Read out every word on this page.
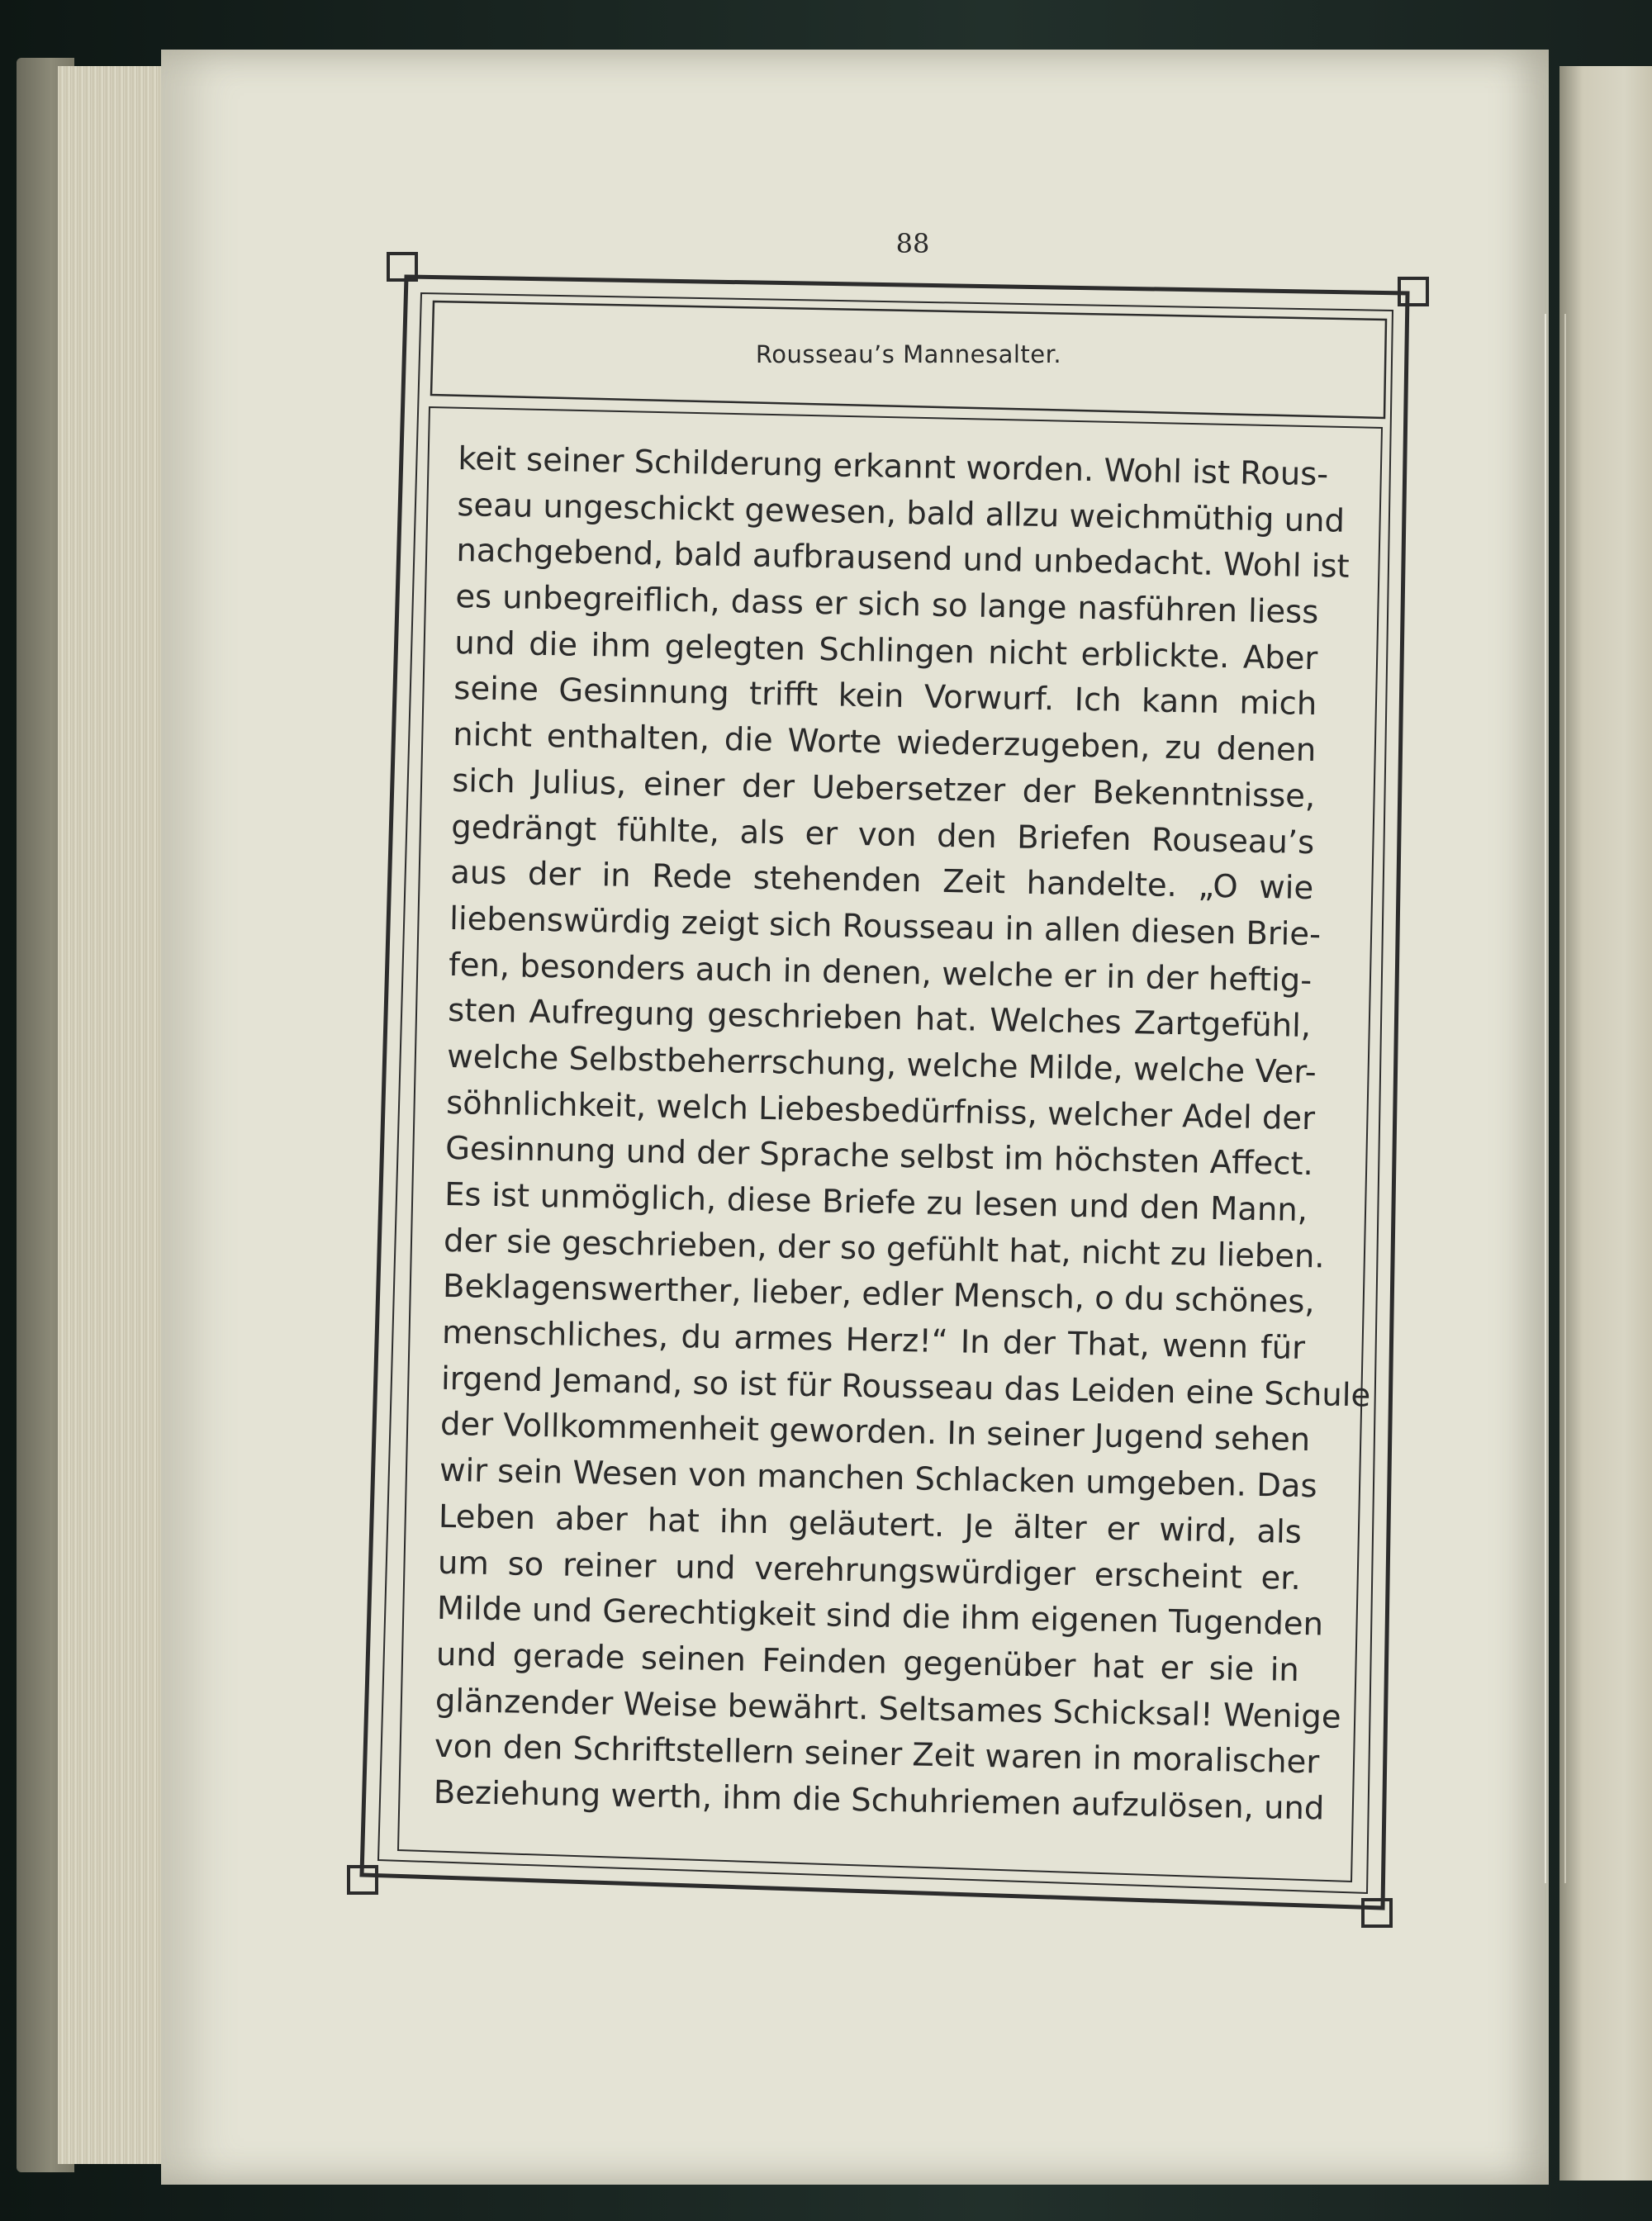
88
Rousseau’s Mannesalter.
keit seiner Schilderung erkannt worden. Wohl ist Rous-
seau ungeschickt gewesen, bald allzu weichmüthig und
nachgebend, bald aufbrausend und unbedacht. Wohl ist
es unbegreiflich, dass er sich so lange nasführen liess
und die ihm gelegten Schlingen nicht erblickte. Aber
seine Gesinnung trifft kein Vorwurf. Ich kann mich
nicht enthalten, die Worte wiederzugeben, zu denen
sich Julius, einer der Uebersetzer der Bekenntnisse,
gedrängt fühlte, als er von den Briefen Rouseau’s
aus der in Rede stehenden Zeit handelte. „O wie
liebenswürdig zeigt sich Rousseau in allen diesen Brie-
fen, besonders auch in denen, welche er in der heftig-
sten Aufregung geschrieben hat. Welches Zartgefühl,
welche Selbstbeherrschung, welche Milde, welche Ver-
söhnlichkeit, welch Liebesbedürfniss, welcher Adel der
Gesinnung und der Sprache selbst im höchsten Affect.
Es ist unmöglich, diese Briefe zu lesen und den Mann,
der sie geschrieben, der so gefühlt hat, nicht zu lieben.
Beklagenswerther, lieber, edler Mensch, o du schönes,
menschliches, du armes Herz!“ In der That, wenn für
irgend Jemand, so ist für Rousseau das Leiden eine Schule
der Vollkommenheit geworden. In seiner Jugend sehen
wir sein Wesen von manchen Schlacken umgeben. Das
Leben aber hat ihn geläutert. Je älter er wird, als
um so reiner und verehrungswürdiger erscheint er.
Milde und Gerechtigkeit sind die ihm eigenen Tugenden
und gerade seinen Feinden gegenüber hat er sie in
glänzender Weise bewährt. Seltsames Schicksal! Wenige
von den Schriftstellern seiner Zeit waren in moralischer
Beziehung werth, ihm die Schuhriemen aufzulösen, und
